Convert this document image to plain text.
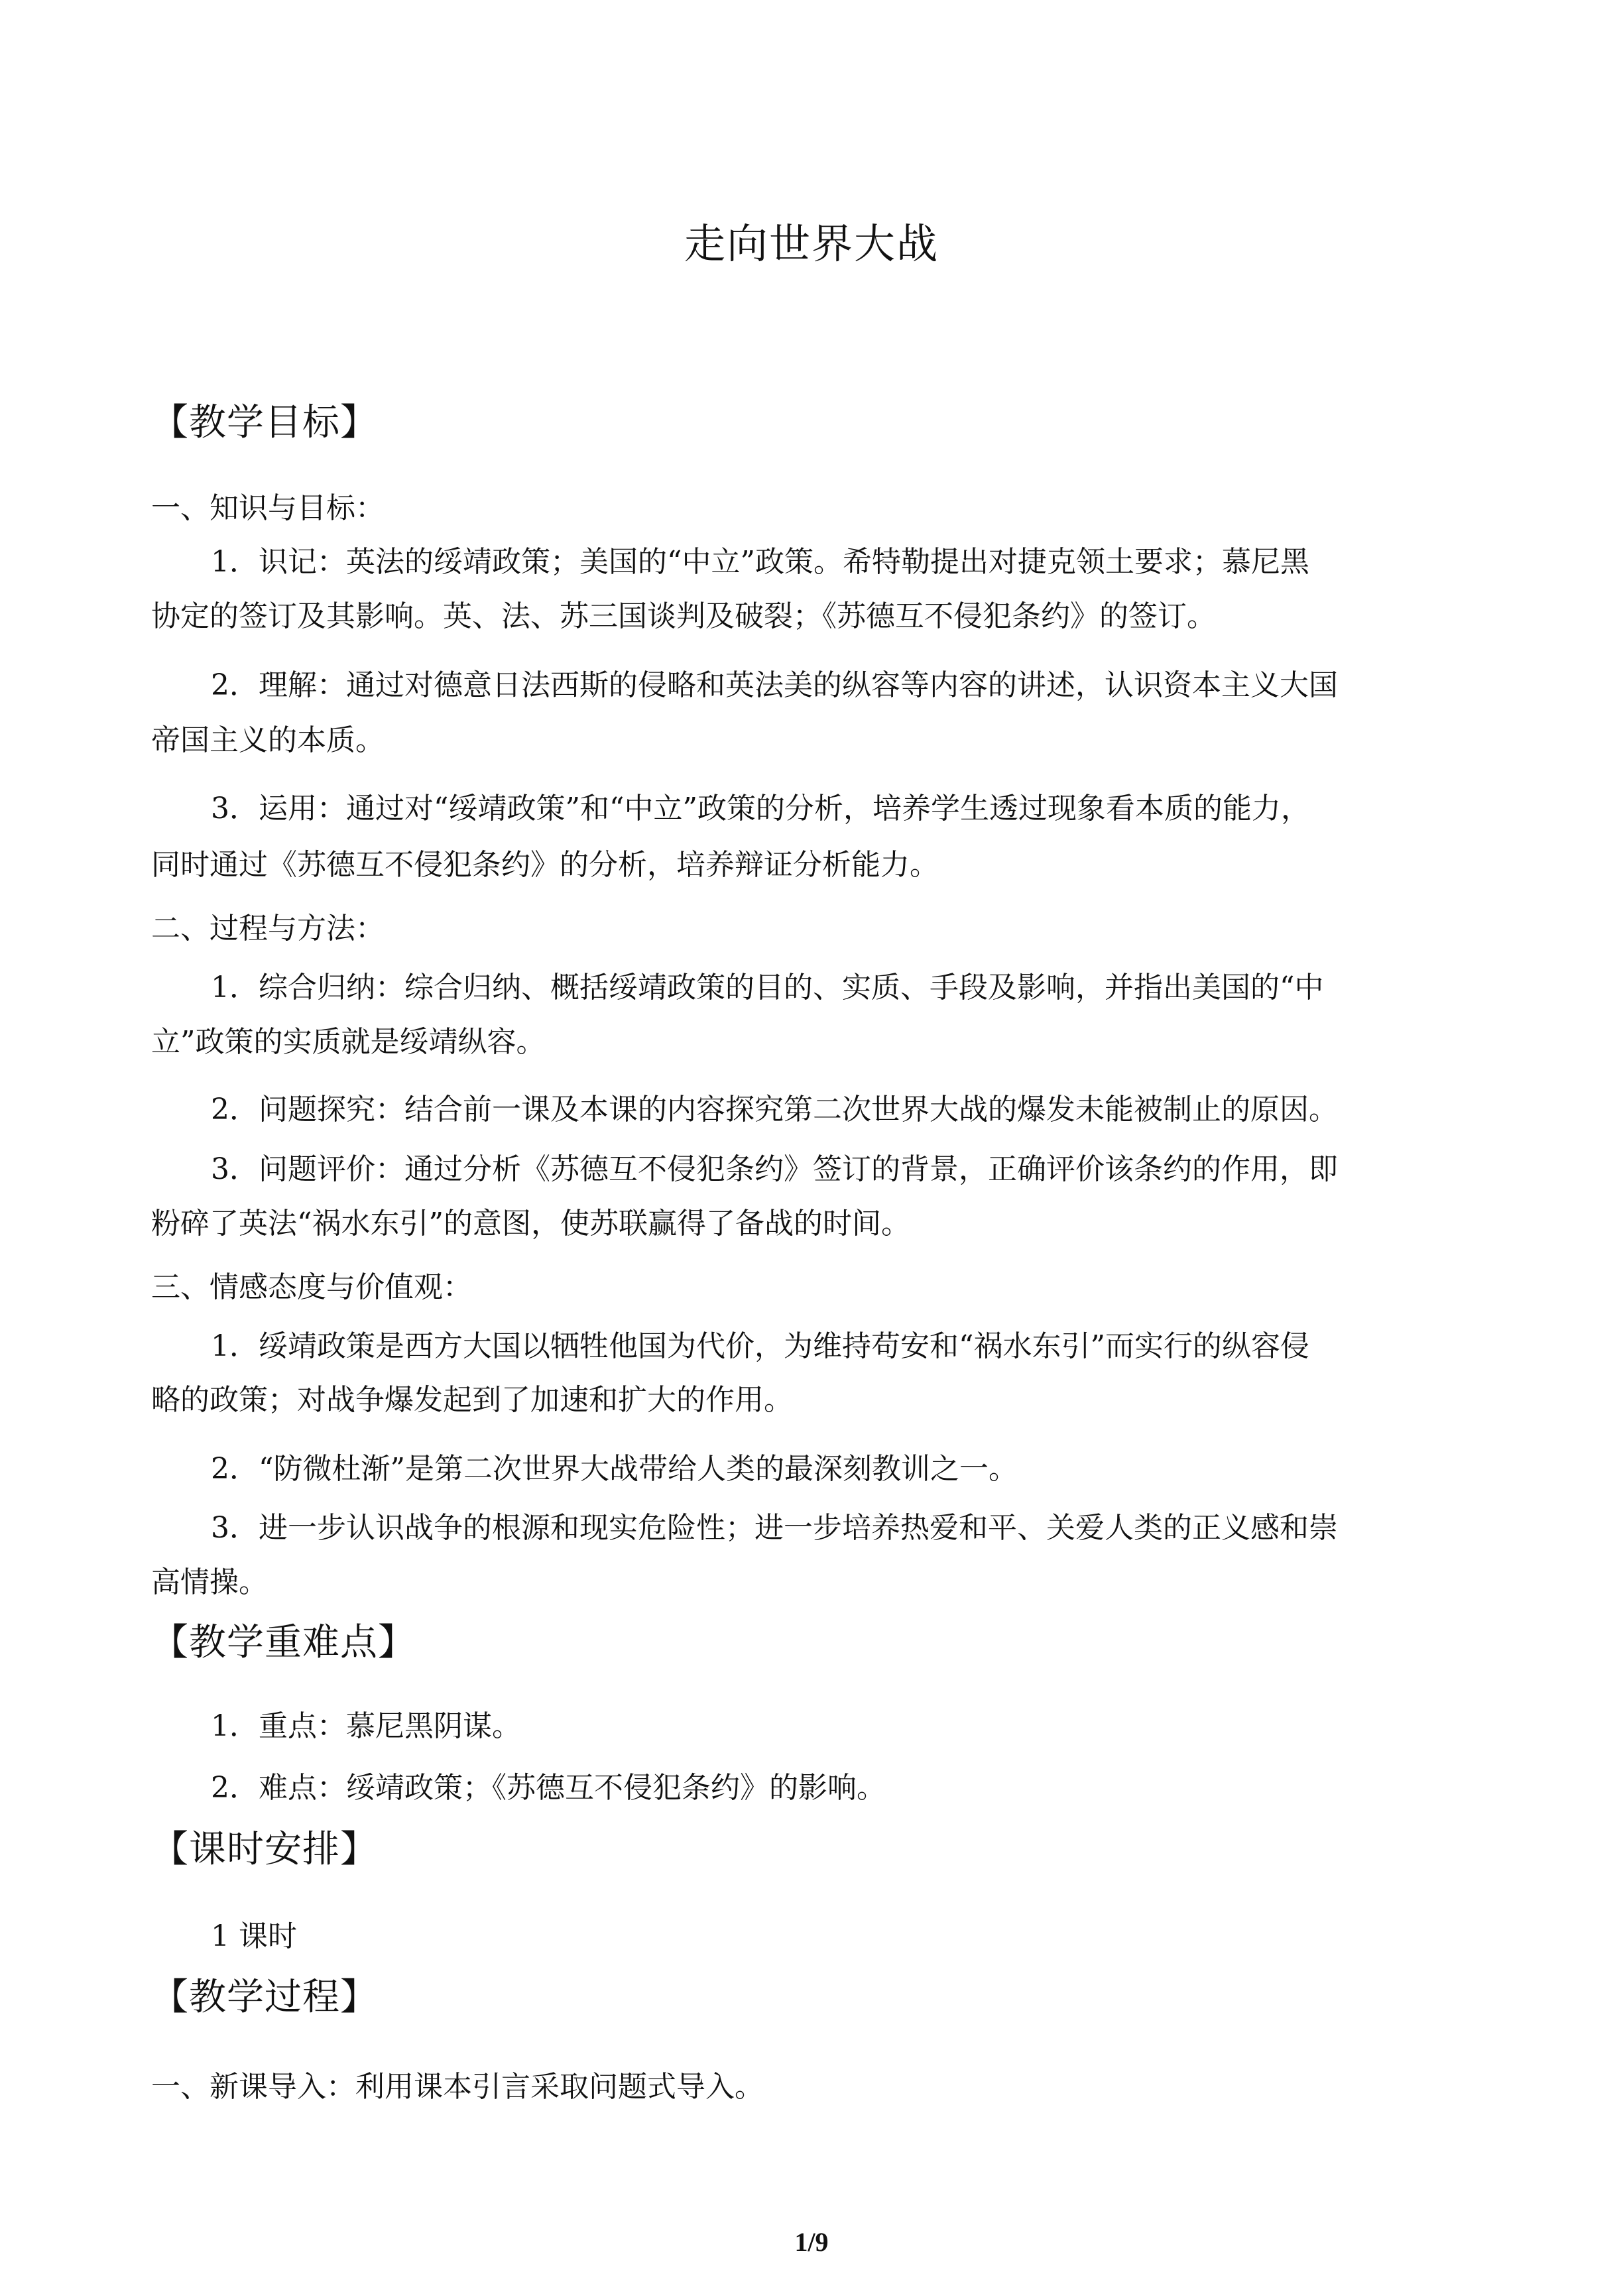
走向世界大战
【教学目标】
一、知识与目标：
1．识记：英法的绥靖政策；美国的“中立”政策。希特勒提出对捷克领土要求；慕尼黑
协定的签订及其影响。英、法、苏三国谈判及破裂；《苏德互不侵犯条约》的签订。
2．理解：通过对德意日法西斯的侵略和英法美的纵容等内容的讲述，认识资本主义大国
帝国主义的本质。
3．运用：通过对“绥靖政策”和“中立”政策的分析，培养学生透过现象看本质的能力，
同时通过《苏德互不侵犯条约》的分析，培养辩证分析能力。
二、过程与方法：
1．综合归纳：综合归纳、概括绥靖政策的目的、实质、手段及影响，并指出美国的“中
立”政策的实质就是绥靖纵容。
2．问题探究：结合前一课及本课的内容探究第二次世界大战的爆发未能被制止的原因。
3．问题评价：通过分析《苏德互不侵犯条约》签订的背景，正确评价该条约的作用，即
粉碎了英法“祸水东引”的意图，使苏联赢得了备战的时间。
三、情感态度与价值观：
1．绥靖政策是西方大国以牺牲他国为代价，为维持苟安和“祸水东引”而实行的纵容侵
略的政策；对战争爆发起到了加速和扩大的作用。
2．“防微杜渐”是第二次世界大战带给人类的最深刻教训之一。
3．进一步认识战争的根源和现实危险性；进一步培养热爱和平、关爱人类的正义感和崇
高情操。
【教学重难点】
1．重点：慕尼黑阴谋。
2．难点：绥靖政策；《苏德互不侵犯条约》的影响。
【课时安排】
1 课时
【教学过程】
一、新课导入：利用课本引言采取问题式导入。
1/9
